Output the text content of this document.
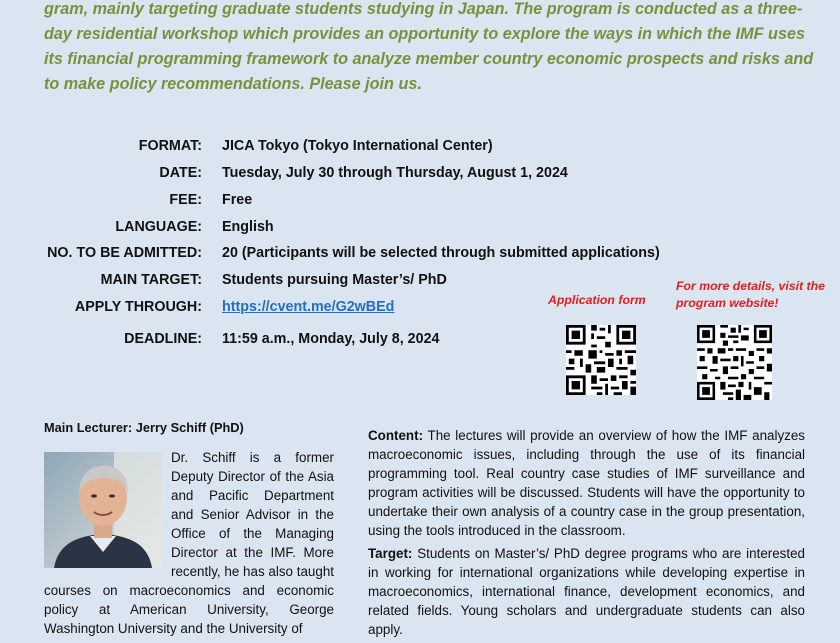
gram, mainly targeting graduate students studying in Japan. The program is conducted as a three-

day residential workshop which provides an opportunity to explore the ways in which the IMF uses

its financial programming framework to analyze member country economic prospects and risks and

to make policy recommendations. Please join us.

FORMAT: JICA Tokyo (Tokyo International Center)
DATE: Tuesday, July 30 through Thursday, August 1, 2024
FEE: Free
LANGUAGE: English
NO. TO BE ADMITTED: 20 (Participants will be selected through submitted applications)
MAIN TARGET: Students pursuing Master’s/ PhD
APPLY THROUGH: https://cvent.me/G2wBEd
DEADLINE: 11:59 a.m., Monday, July 8, 2024
Application form
For more details, visit the
program website!
Main Lecturer: Jerry Schiff (PhD)
Dr. Schiff is a former Deputy Director of the Asia and Pacific Department and Senior Advisor in the Office of the Managing Director at the IMF. More recently, he has also taught courses on macroeconomics and economic policy at American University, George Washington University and the University of

Content: The lectures will provide an overview of how the IMF analyzes macroeconomic issues, including through the use of its financial programming tool. Real country case studies of IMF surveillance and program activities will be discussed. Students will have the opportunity to undertake their own analysis of a country case in the group presentation, using the tools introduced in the classroom.

Target: Students on Master’s/ PhD degree programs who are interested in working for international organizations while developing expertise in macroeconomics, international finance, development economics, and related fields. Young scholars and undergraduate students can also apply.
